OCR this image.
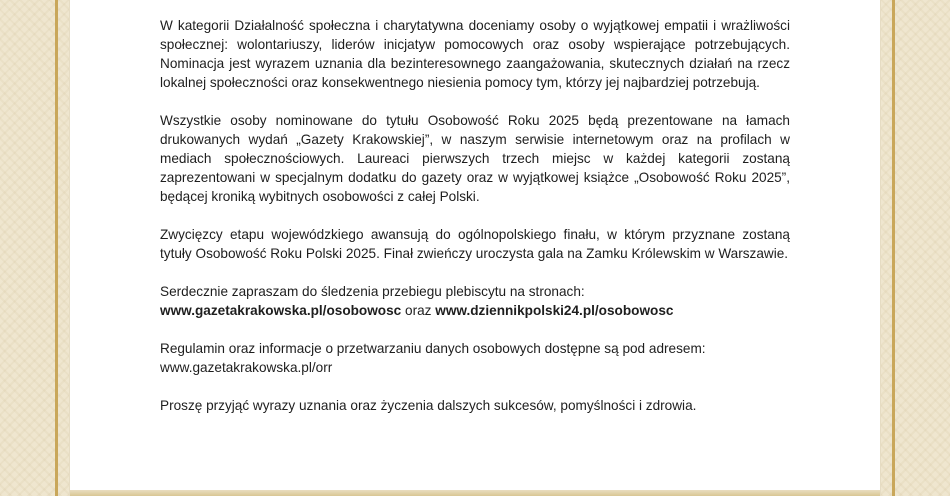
W kategorii Działalność społeczna i charytatywna doceniamy osoby o wyjątkowej empatii i wrażliwości społecznej: wolontariuszy, liderów inicjatyw pomocowych oraz osoby wspierające potrzebujących. Nominacja jest wyrazem uznania dla bezinteresownego zaangażowania, skutecznych działań na rzecz lokalnej społeczności oraz konsekwentnego niesienia pomocy tym, którzy jej najbardziej potrzebują.

Wszystkie osoby nominowane do tytułu Osobowość Roku 2025 będą prezentowane na łamach drukowanych wydań „Gazety Krakowskiej”, w naszym serwisie internetowym oraz na profilach w mediach społecznościowych. Laureaci pierwszych trzech miejsc w każdej kategorii zostaną zaprezentowani w specjalnym dodatku do gazety oraz w wyjątkowej książce „Osobowość Roku 2025”, będącej kroniką wybitnych osobowości z całej Polski.

Zwycięzcy etapu wojewódzkiego awansują do ogólnopolskiego finału, w którym przyznane zostaną tytuły Osobowość Roku Polski 2025. Finał zwieńczy uroczysta gala na Zamku Królewskim w Warszawie.

Serdecznie zapraszam do śledzenia przebiegu plebiscytu na stronach:
www.gazetakrakowska.pl/osobowosc oraz www.dziennikpolski24.pl/osobowosc

Regulamin oraz informacje o przetwarzaniu danych osobowych dostępne są pod adresem: www.gazetakrakowska.pl/orr

Proszę przyjąć wyrazy uznania oraz życzenia dalszych sukcesów, pomyślności i zdrowia.
